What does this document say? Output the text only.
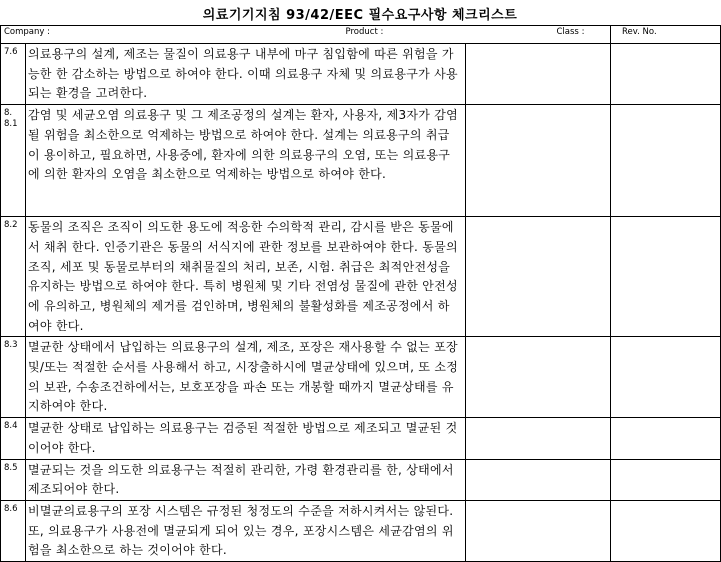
의료기기지침 93/42/EEC 필수요구사항 체크리스트
Company :		Product : Class :	Rev. No.
7.6	의료용구의 설계, 제조는 물질이 의료용구 내부에 마구 침입함에 따른 위험을 가능한 한 감소하는 방법으로 하여야 한다. 이때 의료용구 자체 및 의료용구가 사용되는 환경을 고려한다.		
8.
8.1	감염 및 세균오염 의료용구 및 그 제조공정의 설계는 환자, 사용자, 제3자가 감염될 위험을 최소한으로 억제하는 방법으로 하여야 한다. 설계는 의료용구의 취급이 용이하고, 필요하면, 사용중에, 환자에 의한 의료용구의 오염, 또는 의료용구에 의한 환자의 오염을 최소한으로 억제하는 방법으로 하여야 한다.		
8.2	동물의 조직은 조직이 의도한 용도에 적응한 수의학적 관리, 감시를 받은 동물에서 채취 한다. 인증기관은 동물의 서식지에 관한 정보를 보관하여야 한다. 동물의 조직, 세포 및 동물로부터의 채취물질의 처리, 보존, 시험. 취급은 최적안전성을 유지하는 방법으로 하여야 한다. 특히 병원체 및 기타 전염성 물질에 관한 안전성에 유의하고, 병원체의 제거를 검인하며, 병원체의 불활성화를 제조공정에서 하여야 한다.		
8.3	멸균한 상태에서 납입하는 의료용구의 설계, 제조, 포장은 재사용할 수 없는 포장 및/또는 적절한 순서를 사용해서 하고, 시장출하시에 멸균상태에 있으며, 또 소정의 보관, 수송조건하에서는, 보호포장을 파손 또는 개봉할 때까지 멸균상태를 유지하여야 한다.		
8.4	멸균한 상태로 납입하는 의료용구는 검증된 적절한 방법으로 제조되고 멸균된 것이어야 한다.		
8.5	멸균되는 것을 의도한 의료용구는 적절히 관리한, 가령 환경관리를 한, 상태에서 제조되어야 한다.		
8.6	비멸균의료용구의 포장 시스템은 규정된 청정도의 수준을 저하시켜서는 않된다. 또, 의료용구가 사용전에 멸균되게 되어 있는 경우, 포장시스템은 세균감염의 위험을 최소한으로 하는 것이어야 한다.		
